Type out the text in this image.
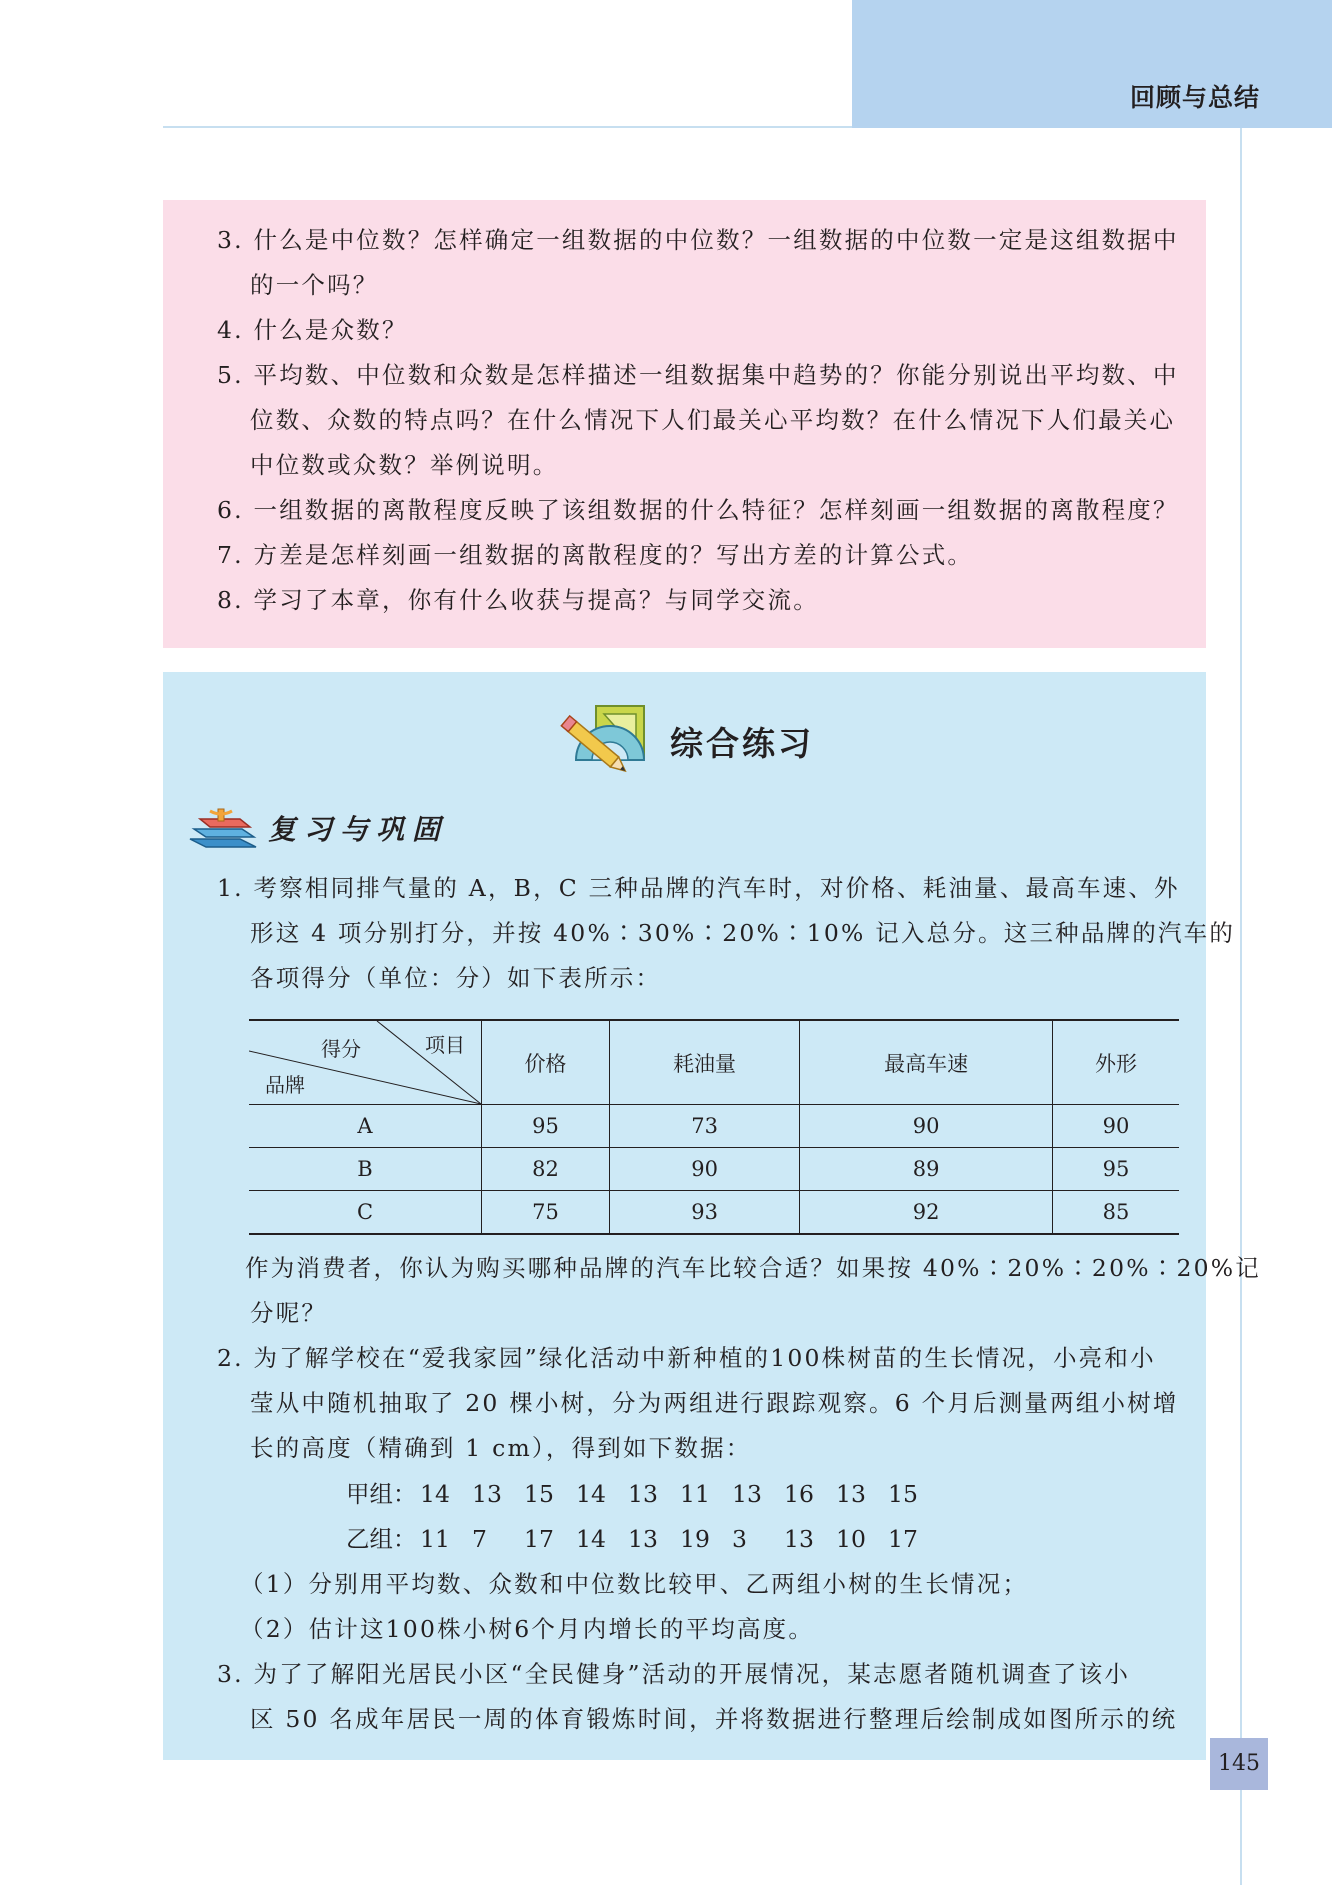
回顾与总结
3. 什么是中位数？怎样确定一组数据的中位数？一组数据的中位数一定是这组数据中
的一个吗？
4. 什么是众数？
5. 平均数、中位数和众数是怎样描述一组数据集中趋势的？你能分别说出平均数、中
位数、众数的特点吗？在什么情况下人们最关心平均数？在什么情况下人们最关心
中位数或众数？举例说明。
6. 一组数据的离散程度反映了该组数据的什么特征？怎样刻画一组数据的离散程度？
7. 方差是怎样刻画一组数据的离散程度的？写出方差的计算公式。
8. 学习了本章，你有什么收获与提高？与同学交流。
综合练习
复习与巩固
1. 考察相同排气量的 A，B，C 三种品牌的汽车时，对价格、耗油量、最高车速、外
形这 4 项分别打分，并按 40%∶30%∶20%∶10% 记入总分。这三种品牌的汽车的
各项得分（单位：分）如下表所示：
得分 项目
品牌	价格	耗油量	最高车速	外形
A	95	73	90	90
B	82	90	89	95
C	75	93	92	85
作为消费者，你认为购买哪种品牌的汽车比较合适？如果按 40%∶20%∶20%∶20%记
分呢？
2. 为了解学校在“爱我家园”绿化活动中新种植的100株树苗的生长情况，小亮和小
莹从中随机抽取了 20 棵小树，分为两组进行跟踪观察。6 个月后测量两组小树增
长的高度（精确到 1 cm），得到如下数据：
甲组： 14 13 15 14 13 11 13 16 13 15
乙组： 11 7 17 14 13 19 3 13 10 17
（1）分别用平均数、众数和中位数比较甲、乙两组小树的生长情况；
（2）估计这100株小树6个月内增长的平均高度。
3. 为了了解阳光居民小区“全民健身”活动的开展情况，某志愿者随机调查了该小
区 50 名成年居民一周的体育锻炼时间，并将数据进行整理后绘制成如图所示的统
145
